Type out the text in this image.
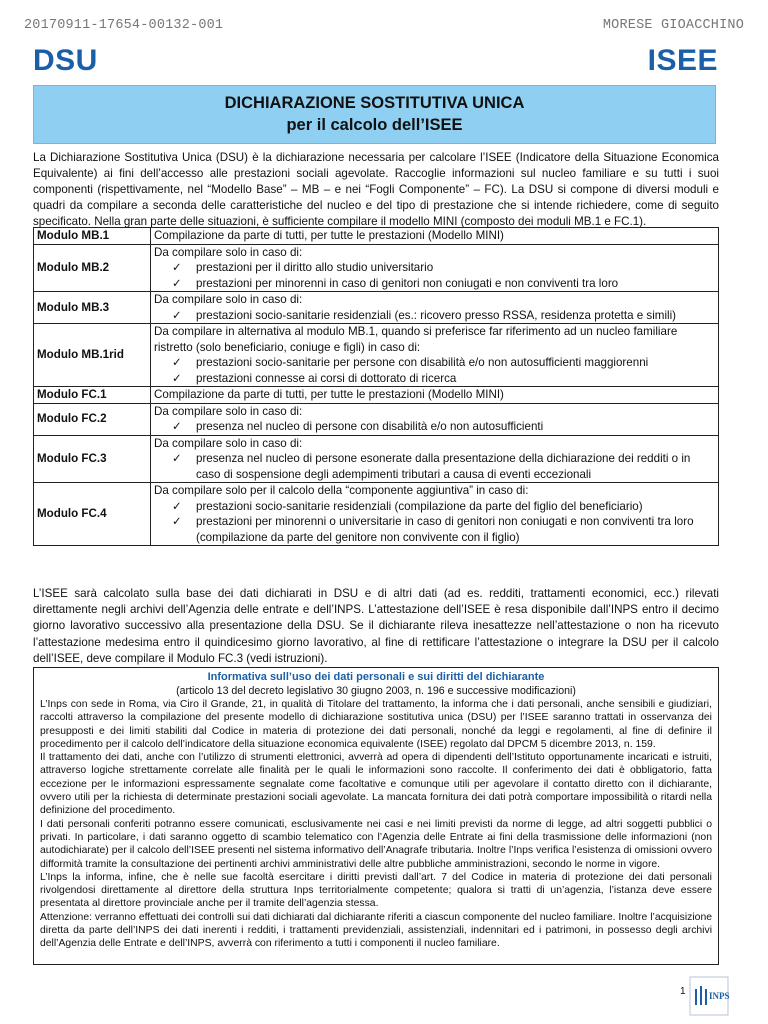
20170911-17654-00132-001	MORESE GIOACCHINO
DSU	ISEE
DICHIARAZIONE SOSTITUTIVA UNICA
per il calcolo dell’ISEE
La Dichiarazione Sostitutiva Unica (DSU) è la dichiarazione necessaria per calcolare l’ISEE (Indicatore della Situazione Economica Equivalente) ai fini dell’accesso alle prestazioni sociali agevolate. Raccoglie informazioni sul nucleo familiare e su tutti i suoi componenti (rispettivamente, nel “Modello Base” – MB – e nei “Fogli Componente” – FC). La DSU si compone di diversi moduli e quadri da compilare a seconda delle caratteristiche del nucleo e del tipo di prestazione che si intende richiedere, come di seguito specificato. Nella gran parte delle situazioni, è sufficiente compilare il modello MINI (composto dei moduli MB.1 e FC.1).
Modulo MB.1	Compilazione da parte di tutti, per tutte le prestazioni (Modello MINI)

Modulo MB.2	Da compilare solo in caso di:
✓ prestazioni per il diritto allo studio universitario
✓ prestazioni per minorenni in caso di genitori non coniugati e non conviventi tra loro

Modulo MB.3	Da compilare solo in caso di:
✓ prestazioni socio-sanitarie residenziali (es.: ricovero presso RSSA, residenza protetta e simili)

Modulo MB.1rid	Da compilare in alternativa al modulo MB.1, quando si preferisce far riferimento ad un nucleo familiare ristretto (solo beneficiario, coniuge e figli) in caso di:
✓ prestazioni socio-sanitarie per persone con disabilità e/o non autosufficienti maggiorenni
✓ prestazioni connesse ai corsi di dottorato di ricerca

Modulo FC.1	Compilazione da parte di tutti, per tutte le prestazioni (Modello MINI)

Modulo FC.2	Da compilare solo in caso di:
✓ presenza nel nucleo di persone con disabilità e/o non autosufficienti

Modulo FC.3	Da compilare solo in caso di:
✓ presenza nel nucleo di persone esonerate dalla presentazione della dichiarazione dei redditi o in
caso di sospensione degli adempimenti tributari a causa di eventi eccezionali

Modulo FC.4	Da compilare solo per il calcolo della “componente aggiuntiva” in caso di:
✓ prestazioni socio-sanitarie residenziali (compilazione da parte del figlio del beneficiario)
✓ prestazioni per minorenni o universitarie in caso di genitori non coniugati e non conviventi tra loro
(compilazione da parte del genitore non convivente con il figlio)
L’ISEE sarà calcolato sulla base dei dati dichiarati in DSU e di altri dati (ad es. redditi, trattamenti economici, ecc.) rilevati direttamente negli archivi dell’Agenzia delle entrate e dell’INPS. L’attestazione dell’ISEE è resa disponibile dall’INPS entro il decimo giorno lavorativo successivo alla presentazione della DSU. Se il dichiarante rileva inesattezze nell’attestazione o non ha ricevuto l’attestazione medesima entro il quindicesimo giorno lavorativo, al fine di rettificare l’attestazione o integrare la DSU per il calcolo dell’ISEE, deve compilare il Modulo FC.3 (vedi istruzioni).
Informativa sull’uso dei dati personali e sui diritti del dichiarante
(articolo 13 del decreto legislativo 30 giugno 2003, n. 196 e successive modificazioni)

L’Inps con sede in Roma, via Ciro il Grande, 21, in qualità di Titolare del trattamento, la informa che i dati personali, anche sensibili e giudiziari, raccolti attraverso la compilazione del presente modello di dichiarazione sostitutiva unica (DSU) per l’ISEE saranno trattati in osservanza dei presupposti e dei limiti stabiliti dal Codice in materia di protezione dei dati personali, nonché da leggi e regolamenti, al fine di definire il procedimento per il calcolo dell’indicatore della situazione economica equivalente (ISEE) regolato dal DPCM 5 dicembre 2013, n. 159.

Il trattamento dei dati, anche con l’utilizzo di strumenti elettronici, avverrà ad opera di dipendenti dell’Istituto opportunamente incaricati e istruiti, attraverso logiche strettamente correlate alle finalità per le quali le informazioni sono raccolte. Il conferimento dei dati è obbligatorio, fatta eccezione per le informazioni espressamente segnalate come facoltative e comunque utili per agevolare il contatto diretto con il dichiarante, ovvero utili per la richiesta di determinate prestazioni sociali agevolate. La mancata fornitura dei dati potrà comportare impossibilità o ritardi nella definizione del procedimento.

I dati personali conferiti potranno essere comunicati, esclusivamente nei casi e nei limiti previsti da norme di legge, ad altri soggetti pubblici o privati. In particolare, i dati saranno oggetto di scambio telematico con l’Agenzia delle Entrate ai fini della trasmissione delle informazioni (non autodichiarate) per il calcolo dell’ISEE presenti nel sistema informativo dell’Anagrafe tributaria. Inoltre l’Inps verifica l’esistenza di omissioni ovvero difformità tramite la consultazione dei pertinenti archivi amministrativi delle altre pubbliche amministrazioni, secondo le norme in vigore.

L’Inps la informa, infine, che è nelle sue facoltà esercitare i diritti previsti dall’art. 7 del Codice in materia di protezione dei dati personali rivolgendosi direttamente al direttore della struttura Inps territorialmente competente; qualora si tratti di un’agenzia, l’istanza deve essere presentata al direttore provinciale anche per il tramite dell’agenzia stessa.

Attenzione: verranno effettuati dei controlli sui dati dichiarati dal dichiarante riferiti a ciascun componente del nucleo familiare. Inoltre l’acquisizione diretta da parte dell’INPS dei dati inerenti i redditi, i trattamenti previdenziali, assistenziali, indennitari ed i patrimoni, in possesso degli archivi dell’Agenzia delle Entrate e dell’INPS, avverrà con riferimento a tutti i componenti il nucleo familiare.

1	INPS
